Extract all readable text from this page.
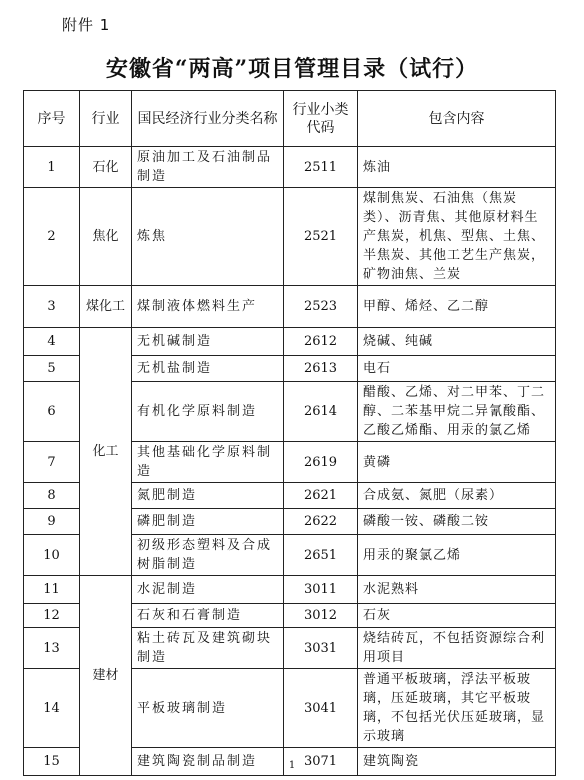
附件 1
安徽省“两高”项目管理目录（试行）
序号	行业	国民经济行业分类名称	行业小类代码	包含内容
1	石化	原油加工及石油制品制造	2511	炼油
2	焦化	炼焦	2521	煤制焦炭、石油焦（焦炭类）、沥青焦、其他原材料生产焦炭，机焦、型焦、土焦、半焦炭、其他工艺生产焦炭，矿物油焦、兰炭
3	煤化工	煤制液体燃料生产	2523	甲醇、烯烃、乙二醇
4	化工	无机碱制造	2612	烧碱、纯碱
5		无机盐制造	2613	电石
6		有机化学原料制造	2614	醋酸、乙烯、对二甲苯、丁二醇、二苯基甲烷二异氰酸酯、乙酸乙烯酯、用汞的氯乙烯
7		其他基础化学原料制造	2619	黄磷
8		氮肥制造	2621	合成氨、氮肥（尿素）
9		磷肥制造	2622	磷酸一铵、磷酸二铵
10		初级形态塑料及合成树脂制造	2651	用汞的聚氯乙烯
11	建材	水泥制造	3011	水泥熟料
12		石灰和石膏制造	3012	石灰
13		粘土砖瓦及建筑砌块制造	3031	烧结砖瓦，不包括资源综合利用项目
14		平板玻璃制造	3041	普通平板玻璃，浮法平板玻璃，压延玻璃，其它平板玻璃，不包括光伏压延玻璃，显示玻璃
15		建筑陶瓷制品制造	3071	建筑陶瓷
1
